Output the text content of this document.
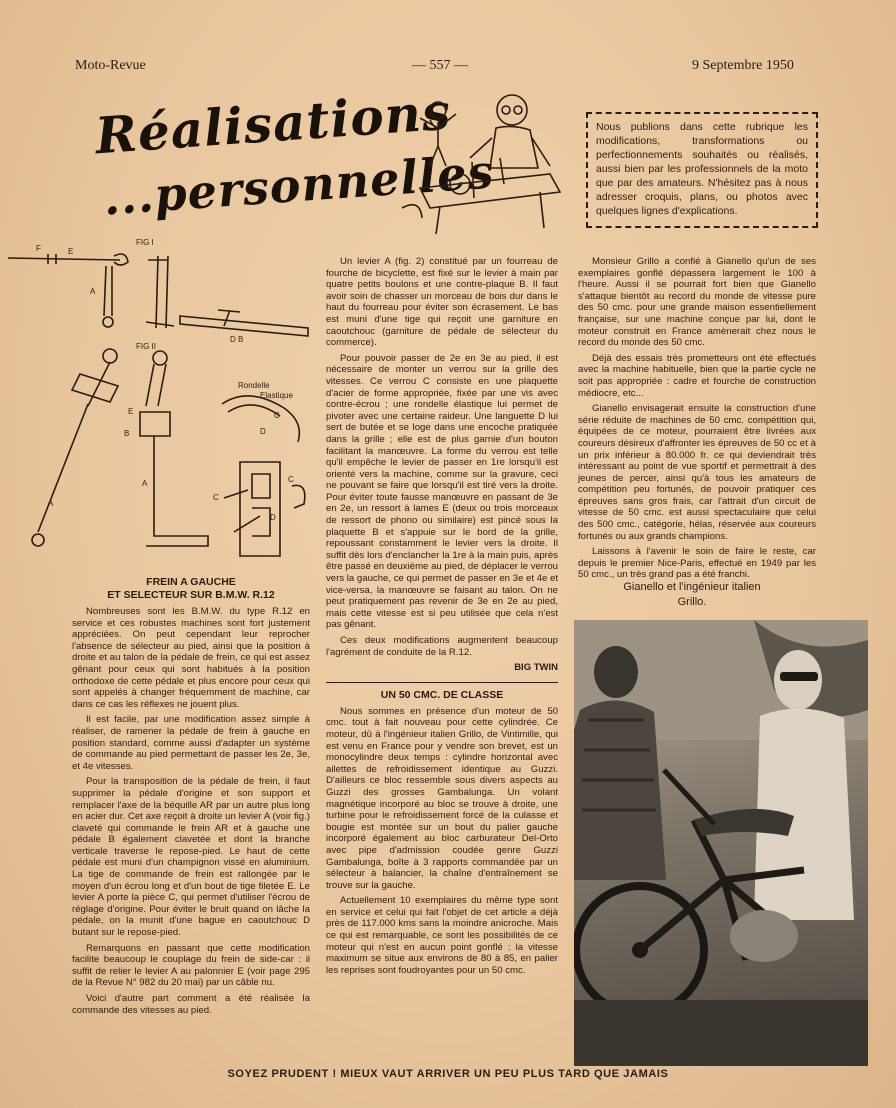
Moto-Revue	— 557 —	9 Septembre 1950
Réalisations
...personnelles
Nous publions dans cette rubrique les modifications, transformations ou perfectionnements souhaités ou réalisés, aussi bien par les professionnels de la moto que par des amateurs. N'hésitez pas à nous adresser croquis, plans, ou photos avec quelques lignes d'explications.
FIG I
FIG II
F	E
A
D B
Rondelle
Elastique
E
B
A
A
C
D
C
C
D

FREIN A GAUCHE
ET SELECTEUR SUR B.M.W. R.12

Nombreuses sont les B.M.W. du type R.12 en service et ces robustes machines sont fort justement appréciées. On peut cependant leur reprocher l'absence de sélecteur au pied, ainsi que la position à droite et au talon de la pédale de frein, ce qui est assez gênant pour ceux qui sont habitués à la position orthodoxe de cette pédale et plus encore pour ceux qui sont appelés à changer fréquemment de machine, car dans ce cas les réflexes ne jouent plus.

Il est facile, par une modification assez simple à réaliser, de ramener la pédale de frein à gauche en position standard, comme aussi d'adapter un système de commande au pied permettant de passer les 2e, 3e, et 4e vitesses.

Pour la transposition de la pédale de frein, il faut supprimer la pédale d'origine et son support et remplacer l'axe de la béquille AR par un autre plus long en acier dur. Cet axe reçoit à droite un levier A (voir fig.) claveté qui commande le frein AR et à gauche une pédale B également clavetée et dont la branche verticale traverse le repose-pied. Le haut de cette pédale est muni d'un champignon vissé en aluminium. La tige de commande de frein est rallongée par le moyen d'un écrou long et d'un bout de tige filetée E. Le levier A porte la pièce C, qui permet d'utiliser l'écrou de réglage d'origine. Pour éviter le bruit quand on lâche la pédale, on la munit d'une bague en caoutchouc D butant sur le repose-pied.

Remarquons en passant que cette modification facilite beaucoup le couplage du frein de side-car : il suffit de relier le levier A au palonnier E (voir page 295 de la Revue N° 982 du 20 mai) par un câble nu.

Voici d'autre part comment a été réalisée la commande des vitesses au pied.

Un levier A (fig. 2) constitué par un fourreau de fourche de bicyclette, est fixé sur le levier à main par quatre petits boulons et une contre-plaque B. Il faut avoir soin de chasser un morceau de bois dur dans le haut du fourreau pour éviter son écrasement. Le bas est muni d'une tige qui reçoit une garniture en caoutchouc (garniture de pédale de sélecteur du commerce).

Pour pouvoir passer de 2e en 3e au pied, il est nécessaire de monter un verrou sur la grille des vitesses. Ce verrou C consiste en une plaquette d'acier de forme appropriée, fixée par une vis avec contre-écrou ; une rondelle élastique lui permet de pivoter avec une certaine raideur. Une languette D lui sert de butée et se loge dans une encoche pratiquée dans la grille ; elle est de plus garnie d'un bouton facilitant la manœuvre. La forme du verrou est telle qu'il empêche le levier de passer en 1re lorsqu'il est orienté vers la machine, comme sur la gravure, ceci ne pouvant se faire que lorsqu'il est tiré vers la droite. Pour éviter toute fausse manœuvre en passant de 3e en 2e, un ressort à lames E (deux ou trois morceaux de ressort de phono ou similaire) est pincé sous la plaquette B et s'appuie sur le bord de la grille, repoussant constamment le levier vers la droite. Il suffit dès lors d'enclancher la 1re à la main puis, après être passé en deuxième au pied, de déplacer le verrou vers la gauche, ce qui permet de passer en 3e et 4e et vice-versa, la manœuvre se faisant au talon. On ne peut pratiquement pas revenir de 3e en 2e au pied, mais cette vitesse est si peu utilisée que cela n'est pas gênant.

Ces deux modifications augmentent beaucoup l'agrément de conduite de la R.12.

BIG TWIN

UN 50 CMC. DE CLASSE

Nous sommes en présence d'un moteur de 50 cmc. tout à fait nouveau pour cette cylindrée. Ce moteur, dû à l'ingénieur italien Grillo, de Vintimille, qui est venu en France pour y vendre son brevet, est un monocylindre deux temps : cylindre horizontal avec ailettes de refroidissement identique au Guzzi. D'ailleurs ce bloc ressemble sous divers aspects au Guzzi des grosses Gambalunga. Un volant magnétique incorporé au bloc se trouve à droite, une turbine pour le refroidissement forcé de la culasse et bougie est montée sur un bout du palier gauche incorporé également au bloc carburateur Del-Orto avec pipe d'admission coudée genre Guzzi Gambalunga, boîte à 3 rapports commandée par un sélecteur à balancier, la chaîne d'entraînement se trouve sur la gauche.

Actuellement 10 exemplaires du même type sont en service et celui qui fait l'objet de cet article a déjà près de 117.000 kms sans la moindre anicroche. Mais ce qui est remarquable, ce sont les possibilités de ce moteur qui n'est en aucun point gonflé : la vitesse maximum se situe aux environs de 80 à 85, en palier les reprises sont foudroyantes pour un 50 cmc.

Monsieur Grillo a confié à Gianello qu'un de ses exemplaires gonflé dépassera largement le 100 à l'heure. Aussi il se pourrait fort bien que Gianello s'attaque bientôt au record du monde de vitesse pure des 50 cmc. pour une grande maison essentiellement française, sur une machine conçue par lui, dont le moteur construit en France amènerait chez nous le record du monde des 50 cmc.

Déjà des essais très prometteurs ont été effectués avec la machine habituelle, bien que la partie cycle ne soit pas appropriée : cadre et fourche de construction médiocre, etc...

Gianello envisagerait ensuite la construction d'une série réduite de machines de 50 cmc. compétition qui, équipées de ce moteur, pourraient être livrées aux coureurs désireux d'affronter les épreuves de 50 cc et à un prix inférieur à 80.000 fr. ce qui deviendrait très intéressant au point de vue sportif et permettrait à des jeunes de percer, ainsi qu'à tous les amateurs de compétition peu fortunés, de pouvoir pratiquer ces épreuves sans gros frais, car l'attrait d'un circuit de vitesse de 50 cmc. est aussi spectaculaire que celui des 500 cmc., catégorie, hélas, réservée aux coureurs fortunés ou aux grands champions.

Laissons à l'avenir le soin de faire le reste, car depuis le premier Nice-Paris, effectué en 1949 par les 50 cmc., un très grand pas a été franchi.

Gianello et l'ingénieur italien
Grillo.
SOYEZ PRUDENT ! MIEUX VAUT ARRIVER UN PEU PLUS TARD QUE JAMAIS
